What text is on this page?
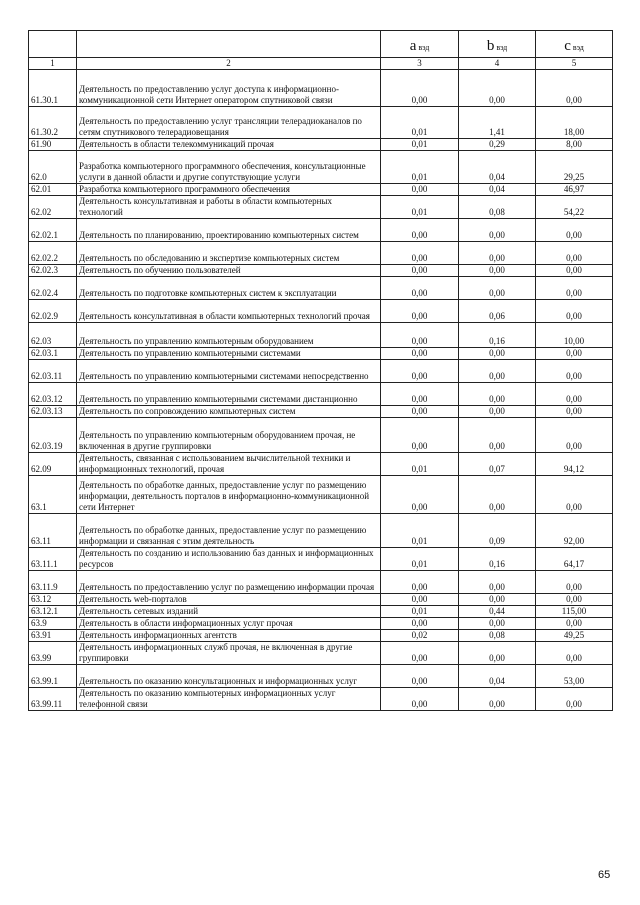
		a вэд	b вэд	c вэд
1	2	3	4	5
61.30.1	Деятельность по предоставлению услуг доступа к информационно-коммуникационной сети Интернет оператором спутниковой связи	0,00	0,00	0,00
61.30.2	Деятельность по предоставлению услуг трансляции телерадиоканалов по сетям спутникового телерадиовещания	0,01	1,41	18,00
61.90	Деятельность в области телекоммуникаций прочая	0,01	0,29	8,00
62.0	Разработка компьютерного программного обеспечения, консультационные услуги в данной области и другие сопутствующие услуги	0,01	0,04	29,25
62.01	Разработка компьютерного программного обеспечения	0,00	0,04	46,97
62.02	Деятельность консультативная и работы в области компьютерных технологий	0,01	0,08	54,22
62.02.1	Деятельность по планированию, проектированию компьютерных систем	0,00	0,00	0,00
62.02.2	Деятельность по обследованию и экспертизе компьютерных систем	0,00	0,00	0,00
62.02.3	Деятельность по обучению пользователей	0,00	0,00	0,00
62.02.4	Деятельность по подготовке компьютерных систем к эксплуатации	0,00	0,00	0,00
62.02.9	Деятельность консультативная в области компьютерных технологий прочая	0,00	0,06	0,00
62.03	Деятельность по управлению компьютерным оборудованием	0,00	0,16	10,00
62.03.1	Деятельность по управлению компьютерными системами	0,00	0,00	0,00
62.03.11	Деятельность по управлению компьютерными системами непосредственно	0,00	0,00	0,00
62.03.12	Деятельность по управлению компьютерными системами дистанционно	0,00	0,00	0,00
62.03.13	Деятельность по сопровождению компьютерных систем	0,00	0,00	0,00
62.03.19	Деятельность по управлению компьютерным оборудованием прочая, не включенная в другие группировки	0,00	0,00	0,00
62.09	Деятельность, связанная с использованием вычислительной техники и информационных технологий, прочая	0,01	0,07	94,12
63.1	Деятельность по обработке данных, предоставление услуг по размещению информации, деятельность порталов в информационно-коммуникационной сети Интернет	0,00	0,00	0,00
63.11	Деятельность по обработке данных, предоставление услуг по размещению информации и связанная с этим деятельность	0,01	0,09	92,00
63.11.1	Деятельность по созданию и использованию баз данных и информационных ресурсов	0,01	0,16	64,17
63.11.9	Деятельность по предоставлению услуг по размещению информации прочая	0,00	0,00	0,00
63.12	Деятельность web-порталов	0,00	0,00	0,00
63.12.1	Деятельность сетевых изданий	0,01	0,44	115,00
63.9	Деятельность в области информационных услуг прочая	0,00	0,00	0,00
63.91	Деятельность информационных агентств	0,02	0,08	49,25
63.99	Деятельность информационных служб прочая, не включенная в другие группировки	0,00	0,00	0,00
63.99.1	Деятельность по оказанию консультационных и информационных услуг	0,00	0,04	53,00
63.99.11	Деятельность по оказанию компьютерных информационных услуг телефонной связи	0,00	0,00	0,00
65
